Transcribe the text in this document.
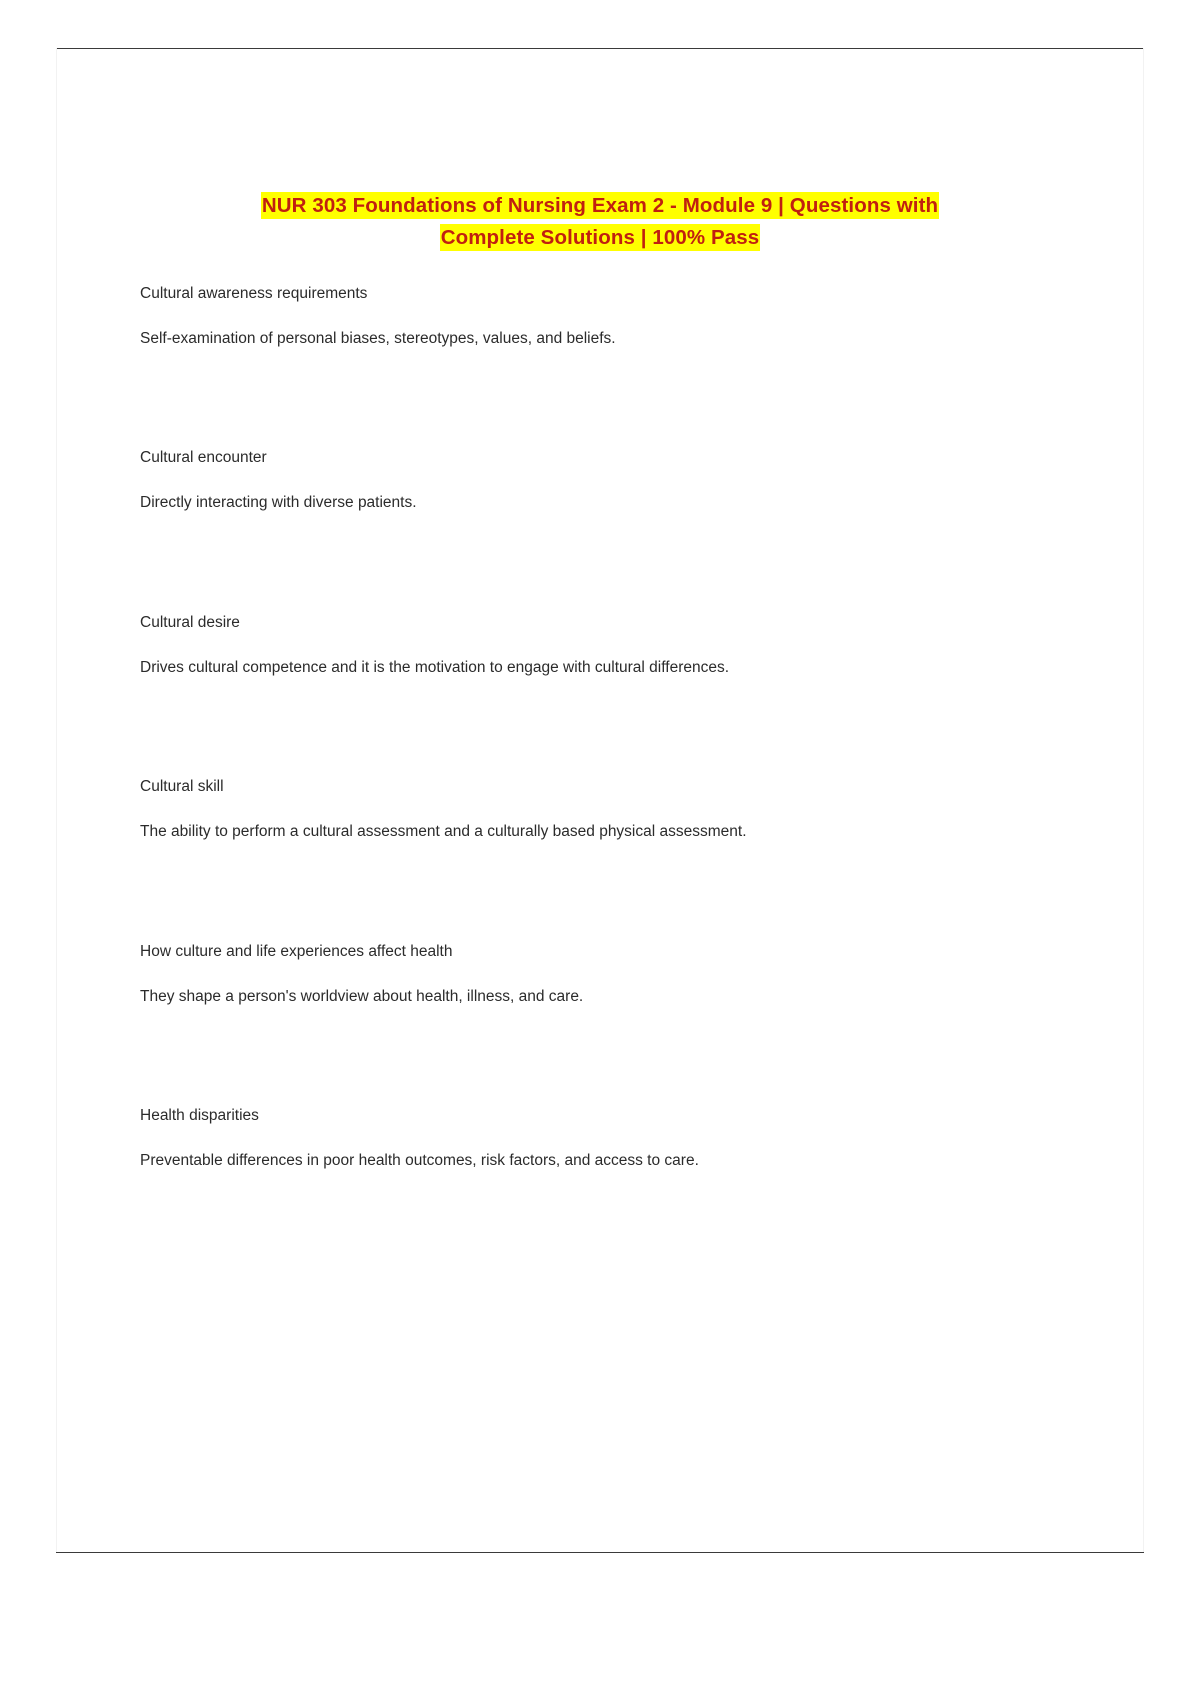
NUR 303 Foundations of Nursing Exam 2 - Module 9 | Questions with
Complete Solutions | 100% Pass

Cultural awareness requirements

Self-examination of personal biases, stereotypes, values, and beliefs.

Cultural encounter

Directly interacting with diverse patients.

Cultural desire

Drives cultural competence and it is the motivation to engage with cultural differences.

Cultural skill

The ability to perform a cultural assessment and a culturally based physical assessment.

How culture and life experiences affect health

They shape a person's worldview about health, illness, and care.

Health disparities

Preventable differences in poor health outcomes, risk factors, and access to care.
